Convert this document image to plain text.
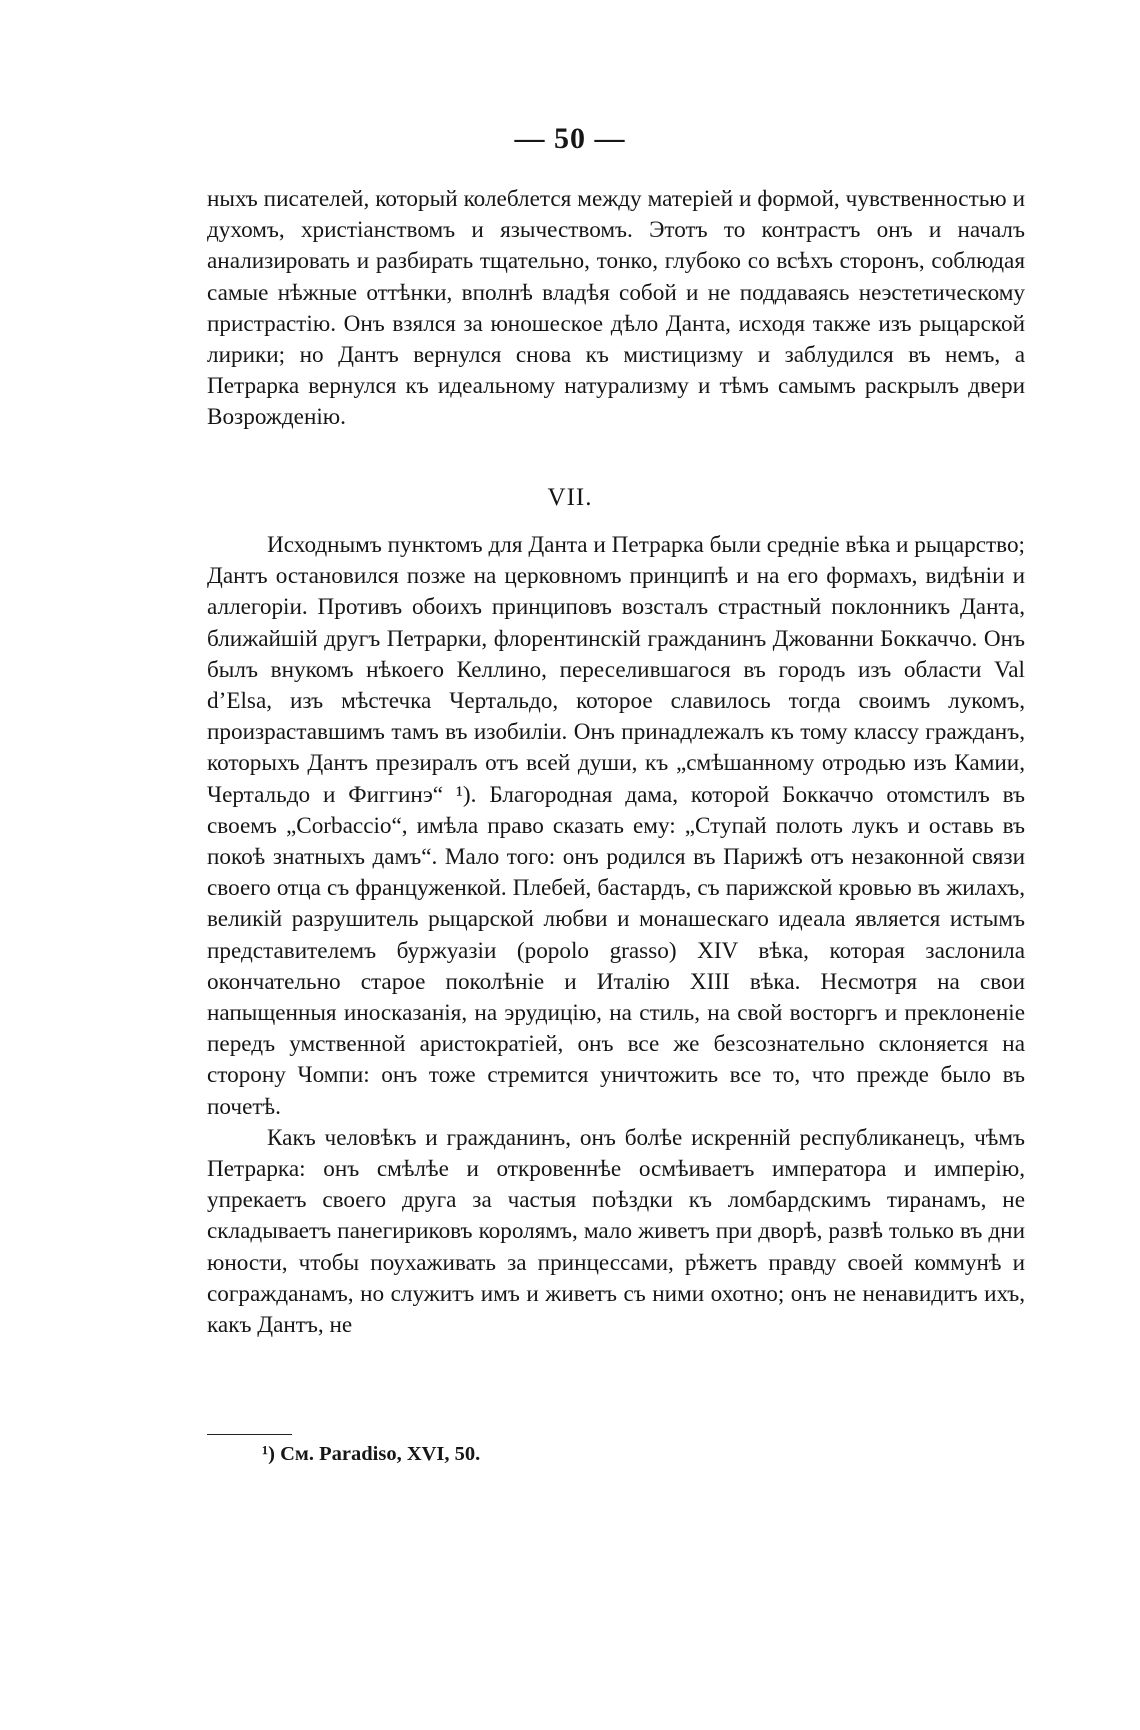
— 50 —

ныхъ писателей, который колеблется между матеріей и формой, чувственностью и духомъ, христіанствомъ и язычествомъ. Этотъ то контрастъ онъ и началъ анализировать и разбирать тщательно, тонко, глубоко со всѣхъ сторонъ, соблюдая самые нѣжные оттѣнки, вполнѣ владѣя собой и не поддаваясь неэстетическому пристрастію. Онъ взялся за юношеское дѣло Данта, исходя также изъ рыцарской лирики; но Дантъ вернулся снова къ мистицизму и заблудился въ немъ, а Петрарка вернулся къ идеальному натурализму и тѣмъ самымъ раскрылъ двери Возрожденію.

VII.

Исходнымъ пунктомъ для Данта и Петрарка были средніе вѣка и рыцарство; Дантъ остановился позже на церковномъ принципѣ и на его формахъ, видѣніи и аллегоріи. Противъ обоихъ принциповъ возсталъ страстный поклонникъ Данта, ближайшій другъ Петрарки, флорентинскій гражданинъ Джованни Боккаччо. Онъ былъ внукомъ нѣкоего Келлино, переселившагося въ городъ изъ области Val d’Elsa, изъ мѣстечка Чертальдо, которое славилось тогда своимъ лукомъ, произраставшимъ тамъ въ изобиліи. Онъ принадлежалъ къ тому классу гражданъ, которыхъ Дантъ презиралъ отъ всей души, къ „смѣшанному отродью изъ Камии, Чертальдо и Фиггинэ“ ¹). Благородная дама, которой Боккаччо отомстилъ въ своемъ „Corbaccio“, имѣла право сказать ему: „Ступай полоть лукъ и оставь въ покоѣ знатныхъ дамъ“. Мало того: онъ родился въ Парижѣ отъ незаконной связи своего отца съ француженкой. Плебей, бастардъ, съ парижской кровью въ жилахъ, великій разрушитель рыцарской любви и монашескаго идеала является истымъ представителемъ буржуазіи (popolo grasso) XIV вѣка, которая заслонила окончательно старое поколѣніе и Италію XIII вѣка. Несмотря на свои напыщенныя иносказанія, на эрудицію, на стиль, на свой восторгъ и преклоненіе передъ умственной аристократіей, онъ все же безсознательно склоняется на сторону Чомпи: онъ тоже стремится уничтожить все то, что прежде было въ почетѣ.

Какъ человѣкъ и гражданинъ, онъ болѣе искренній республиканецъ, чѣмъ Петрарка: онъ смѣлѣе и откровеннѣе осмѣиваетъ императора и имперію, упрекаетъ своего друга за частыя поѣздки къ ломбардскимъ тиранамъ, не складываетъ панегириковъ королямъ, мало живетъ при дворѣ, развѣ только въ дни юности, чтобы поухаживать за принцессами, рѣжетъ правду своей коммунѣ и согражданамъ, но служитъ имъ и живетъ съ ними охотно; онъ не ненавидитъ ихъ, какъ Дантъ, не

¹) См. Paradiso, XVI, 50.
